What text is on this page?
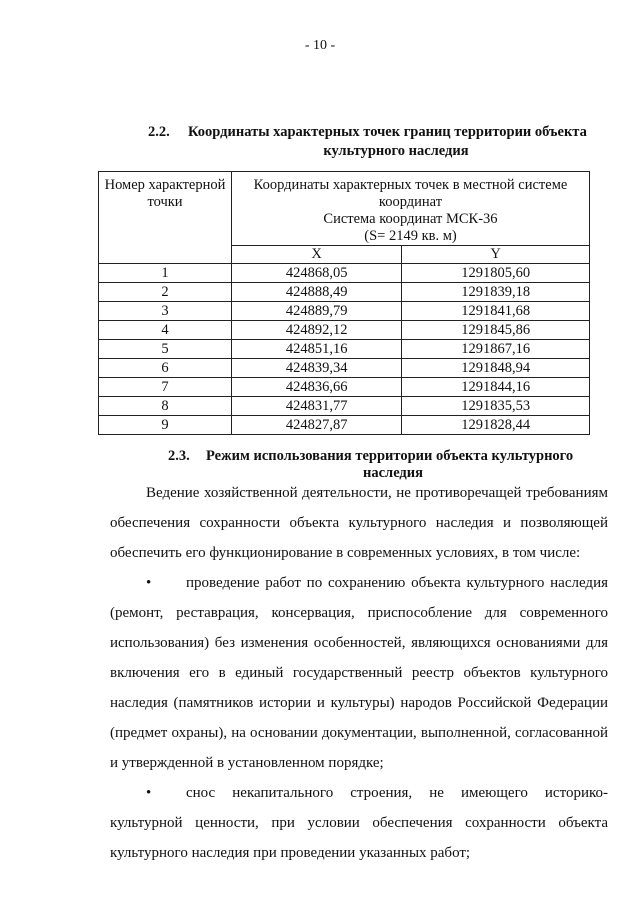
- 10 -
2.2. Координаты характерных точек границ территории объекта
культурного наследия
Номер характерной точки	Координаты характерных точек в местной системе координат
Система координат МСК-36
(S= 2149 кв. м)	

	X	Y
1	424868,05	1291805,60
2	424888,49	1291839,18
3	424889,79	1291841,68
4	424892,12	1291845,86
5	424851,16	1291867,16
6	424839,34	1291848,94
7	424836,66	1291844,16
8	424831,77	1291835,53
9	424827,87	1291828,44
2.3. Режим использования территории объекта культурного
наследия

Ведение хозяйственной деятельности, не противоречащей требованиям обеспечения сохранности объекта культурного наследия и позволяющей обеспечить его функционирование в современных условиях, в том числе:

• проведение работ по сохранению объекта культурного наследия (ремонт, реставрация, консервация, приспособление для современного использования) без изменения особенностей, являющихся основаниями для включения его в единый государственный реестр объектов культурного наследия (памятников истории и культуры) народов Российской Федерации (предмет охраны), на основании документации, выполненной, согласованной и утвержденной в установленном порядке;

• снос некапитального строения, не имеющего историко-культурной ценности, при условии обеспечения сохранности объекта культурного наследия при проведении указанных работ;
